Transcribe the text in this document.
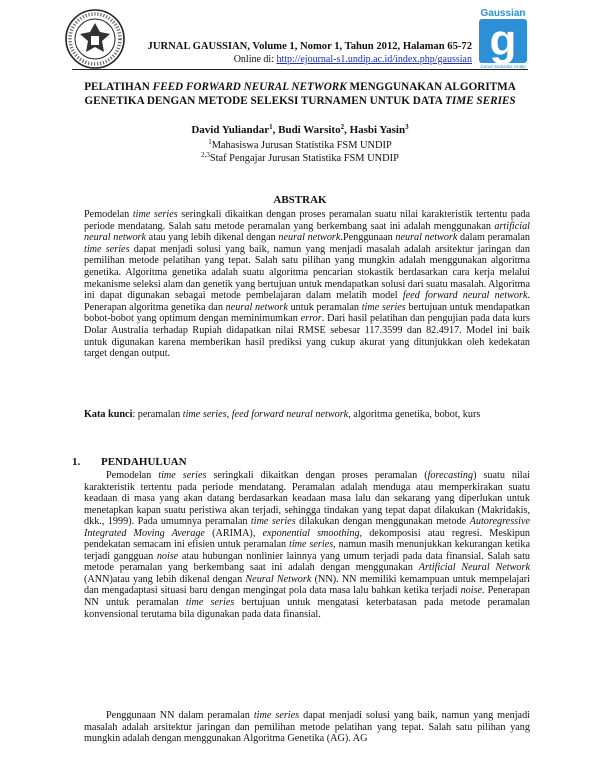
JURNAL GAUSSIAN, Volume 1, Nomor 1, Tahun 2012, Halaman 65-72
Online di: http://ejournal-s1.undip.ac.id/index.php/gaussian
Gaussian
g
Jurnal Statistika Undip
PELATIHAN FEED FORWARD NEURAL NETWORK MENGGUNAKAN ALGORITMA
GENETIKA DENGAN METODE SELEKSI TURNAMEN UNTUK DATA TIME SERIES
David Yuliandar$^1$, Budi Warsito$^2$, Hasbi Yasin$^3$
$^1$Mahasiswa Jurusan Statistika FSM UNDIP
$^{2,3}$Staf Pengajar Jurusan Statistika FSM UNDIP
ABSTRAK
Pemodelan time series seringkali dikaitkan dengan proses peramalan suatu nilai karakteristik tertentu pada periode mendatang. Salah satu metode peramalan yang berkembang saat ini adalah menggunakan artificial neural network atau yang lebih dikenal dengan neural network.Penggunaan neural network dalam peramalan time series dapat menjadi solusi yang baik, namun yang menjadi masalah adalah arsitektur jaringan dan pemilihan metode pelatihan yang tepat. Salah satu pilihan yang mungkin adalah menggunakan algoritma genetika. Algoritma genetika adalah suatu algoritma pencarian stokastik berdasarkan cara kerja melalui mekanisme seleksi alam dan genetik yang bertujuan untuk mendapatkan solusi dari suatu masalah. Algoritma ini dapat digunakan sebagai metode pembelajaran dalam melatih model feed forward neural network. Penerapan algoritma genetika dan neural network untuk peramalan time series bertujuan untuk mendapatkan bobot-bobot yang optimum dengan meminimumkan error. Dari hasil pelatihan dan pengujian pada data kurs Dolar Australia terhadap Rupiah didapatkan nilai RMSE sebesar 117.3599 dan 82.4917. Model ini baik untuk digunakan karena memberikan hasil prediksi yang cukup akurat yang ditunjukkan oleh kedekatan target dengan output.
Kata kunci: peramalan time series, feed forward neural network, algoritma genetika, bobot, kurs
1. PENDAHULUAN
Pemodelan time series seringkali dikaitkan dengan proses peramalan (forecasting) suatu nilai karakteristik tertentu pada periode mendatang. Peramalan adalah menduga atau memperkirakan suatu keadaan di masa yang akan datang berdasarkan keadaan masa lalu dan sekarang yang diperlukan untuk menetapkan kapan suatu peristiwa akan terjadi, sehingga tindakan yang tepat dapat dilakukan (Makridakis, dkk., 1999). Pada umumnya peramalan time series dilakukan dengan menggunakan metode Autoregressive Integrated Moving Average (ARIMA), exponential smoothing, dekomposisi atau regresi. Meskipun pendekatan semacam ini efisien untuk peramalan time series, namun masih menunjukkan kekurangan ketika terjadi gangguan noise atau hubungan nonlinier lainnya yang umum terjadi pada data finansial. Salah satu metode peramalan yang berkembang saat ini adalah dengan menggunakan Artificial Neural Network (ANN)atau yang lebih dikenal dengan Neural Network (NN). NN memiliki kemampuan untuk mempelajari dan mengadaptasi situasi baru dengan mengingat pola data masa lalu bahkan ketika terjadi noise. Penerapan NN untuk peramalan time series bertujuan untuk mengatasi keterbatasan pada metode peramalan konvensional terutama bila digunakan pada data finansial.
Penggunaan NN dalam peramalan time series dapat menjadi solusi yang baik, namun yang menjadi masalah adalah arsitektur jaringan dan pemilihan metode pelatihan yang tepat. Salah satu pilihan yang mungkin adalah dengan menggunakan Algoritma Genetika (AG). AG
